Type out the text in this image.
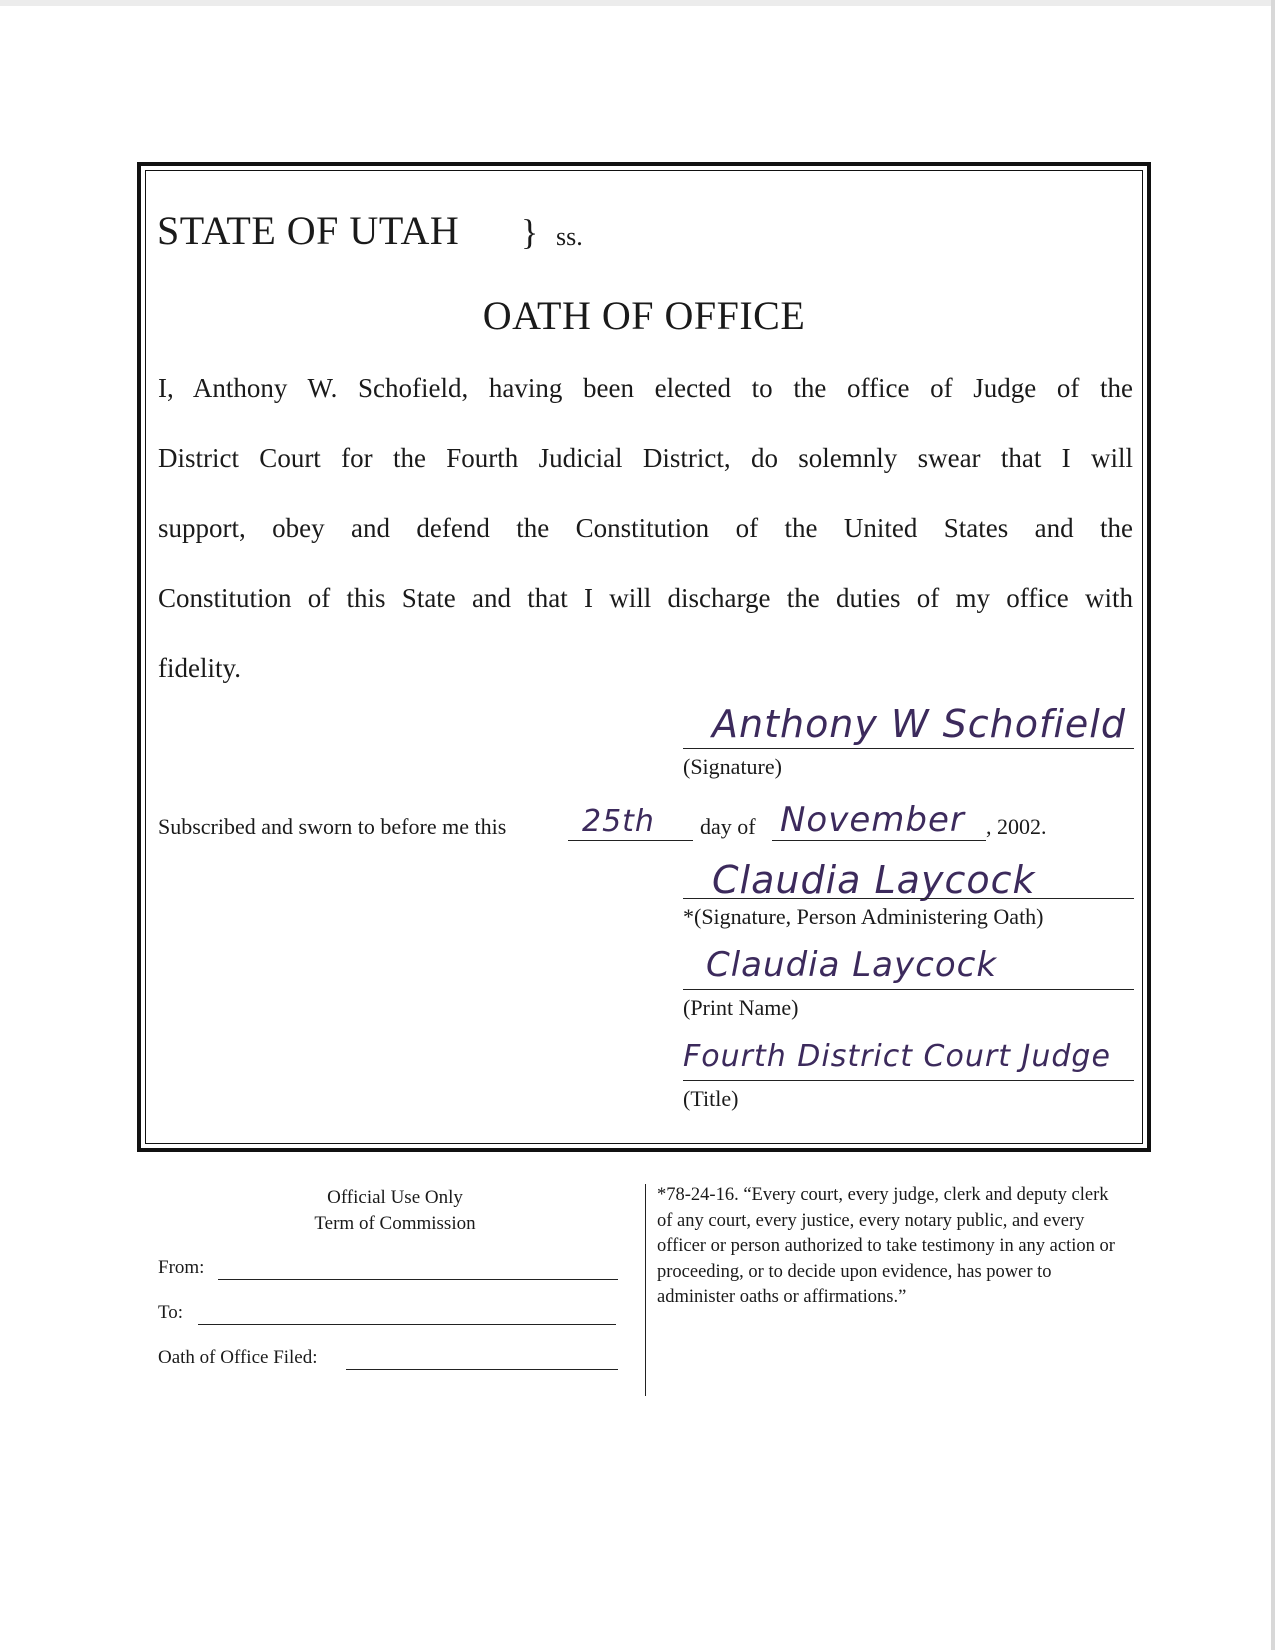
STATE OF UTAH } ss.
OATH OF OFFICE
I, Anthony W. Schofield, having been elected to the office of Judge of the
District Court for the Fourth Judicial District, do solemnly swear that I will
support, obey and defend the Constitution of the United States and the
Constitution of this State and that I will discharge the duties of my office with
fidelity.
Anthony W Schofield
(Signature)
Subscribed and sworn to before me this	25th day of November , 2002.
Claudia Laycock
*(Signature, Person Administering Oath)
Claudia Laycock
(Print Name)
Fourth District Court Judge
(Title)
Official Use Only
Term of Commission
From:
To:
Oath of Office Filed:
*78-24-16. “Every court, every judge, clerk and deputy clerk of any court, every justice, every notary public, and every officer or person authorized to take testimony in any action or proceeding, or to decide upon evidence, has power to administer oaths or affirmations.”
